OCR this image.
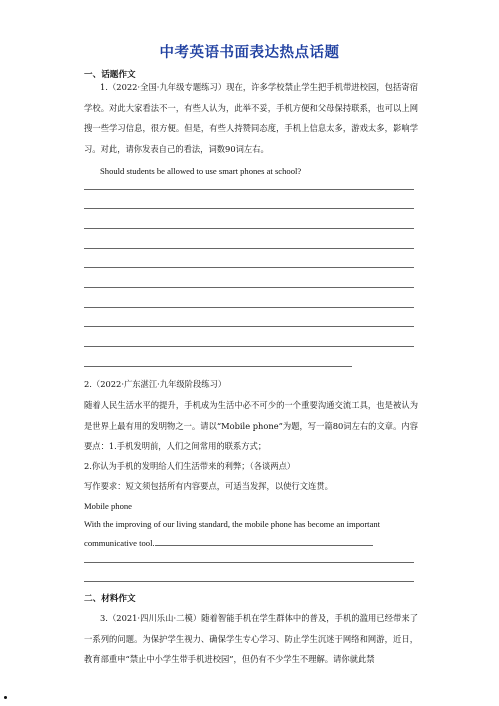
中考英语书面表达热点话题
一、话题作文
1.（2022·全国·九年级专题练习）现在，许多学校禁止学生把手机带进校园，包括寄宿学校。对此大家看法不一，有些人认为，此举不妥，手机方便和父母保持联系，也可以上网搜一些学习信息，很方便。但是，有些人持赞同态度，手机上信息太多，游戏太多，影响学习。对此，请你发表自己的看法，词数90词左右。
Should students be allowed to use smart phones at school?
2.（2022·广东湛江·九年级阶段练习）
随着人民生活水平的提升，手机成为生活中必不可少的一个重要沟通交流工具，也是被认为是世界上最有用的发明物之一。请以“Mobile phone”为题，写一篇80词左右的文章。内容要点：1.手机发明前，人们之间常用的联系方式；
2.你认为手机的发明给人们生活带来的利弊；（各谈两点）
写作要求：短文须包括所有内容要点，可适当发挥，以使行文连贯。
Mobile phone
With the improving of our living standard, the mobile phone has become an important
communicative tool.
二、材料作文
3.（2021·四川乐山·二模）随着智能手机在学生群体中的普及，手机的滥用已经带来了一系列的问题。为保护学生视力、确保学生专心学习、防止学生沉迷于网络和网游，近日，教育部重申“禁止中小学生带手机进校园”，但仍有不少学生不理解。请你就此禁
